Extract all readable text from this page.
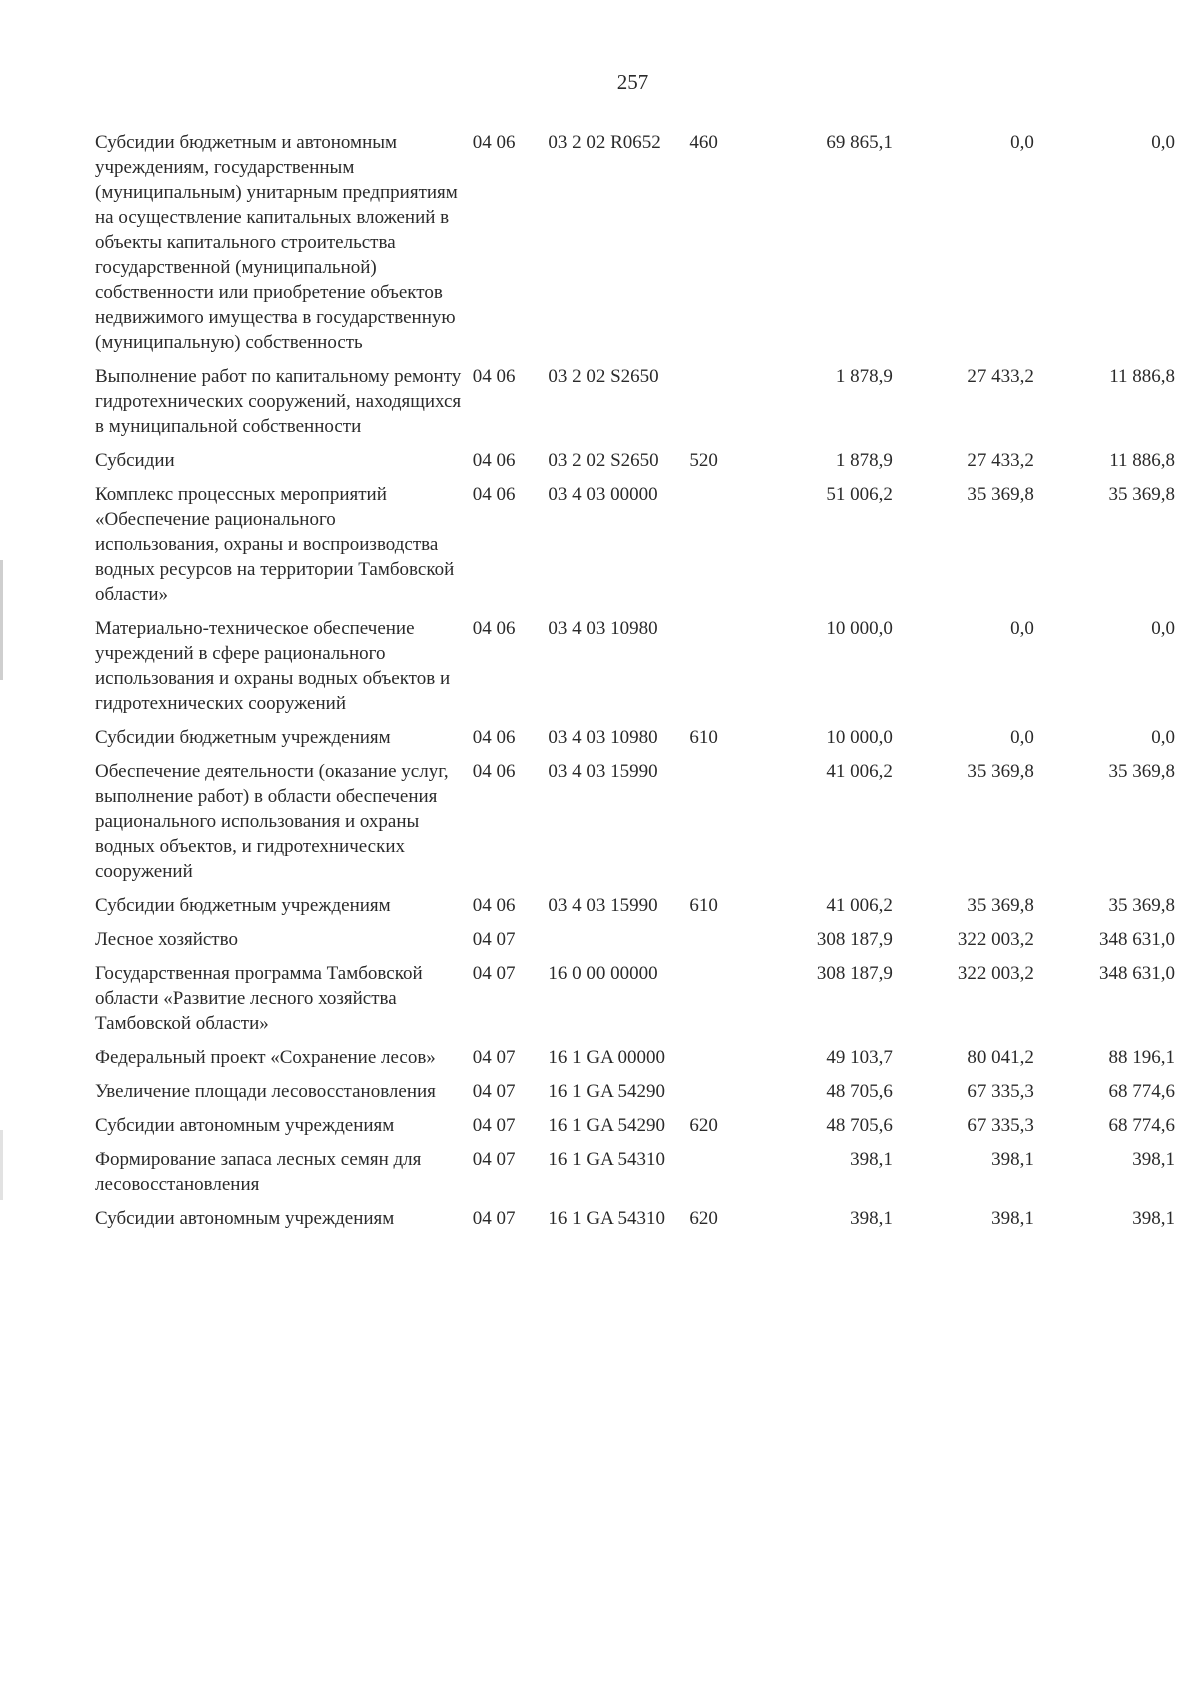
257
Субсидии бюджетным и автономным учреждениям, государственным (муниципальным) унитарным предприятиям на осуществление капитальных вложений в объекты капитального строительства государственной (муниципальной) собственности или приобретение объектов недвижимого имущества в государственную (муниципальную) собственность	04 06	03 2 02 R0652	460	69 865,1	0,0	0,0
Выполнение работ по капитальному ремонту гидротехнических сооружений, находящихся в муниципальной собственности	04 06	03 2 02 S2650		1 878,9	27 433,2	11 886,8
Субсидии	04 06	03 2 02 S2650	520	1 878,9	27 433,2	11 886,8
Комплекс процессных мероприятий «Обеспечение рационального использования, охраны и воспроизводства водных ресурсов на территории Тамбовской области»	04 06	03 4 03 00000		51 006,2	35 369,8	35 369,8
Материально-техническое обеспечение учреждений в сфере рационального использования и охраны водных объектов и гидротехнических сооружений	04 06	03 4 03 10980		10 000,0	0,0	0,0
Субсидии бюджетным учреждениям	04 06	03 4 03 10980	610	10 000,0	0,0	0,0
Обеспечение деятельности (оказание услуг, выполнение работ) в области обеспечения рационального использования и охраны водных объектов, и гидротехнических сооружений	04 06	03 4 03 15990		41 006,2	35 369,8	35 369,8
Субсидии бюджетным учреждениям	04 06	03 4 03 15990	610	41 006,2	35 369,8	35 369,8
Лесное хозяйство	04 07			308 187,9	322 003,2	348 631,0
Государственная программа Тамбовской области «Развитие лесного хозяйства Тамбовской области»	04 07	16 0 00 00000		308 187,9	322 003,2	348 631,0
Федеральный проект «Сохранение лесов»	04 07	16 1 GA 00000		49 103,7	80 041,2	88 196,1
Увеличение площади лесовосстановления	04 07	16 1 GA 54290		48 705,6	67 335,3	68 774,6
Субсидии автономным учреждениям	04 07	16 1 GA 54290	620	48 705,6	67 335,3	68 774,6
Формирование запаса лесных семян для лесовосстановления	04 07	16 1 GA 54310		398,1	398,1	398,1
Субсидии автономным учреждениям	04 07	16 1 GA 54310	620	398,1	398,1	398,1
